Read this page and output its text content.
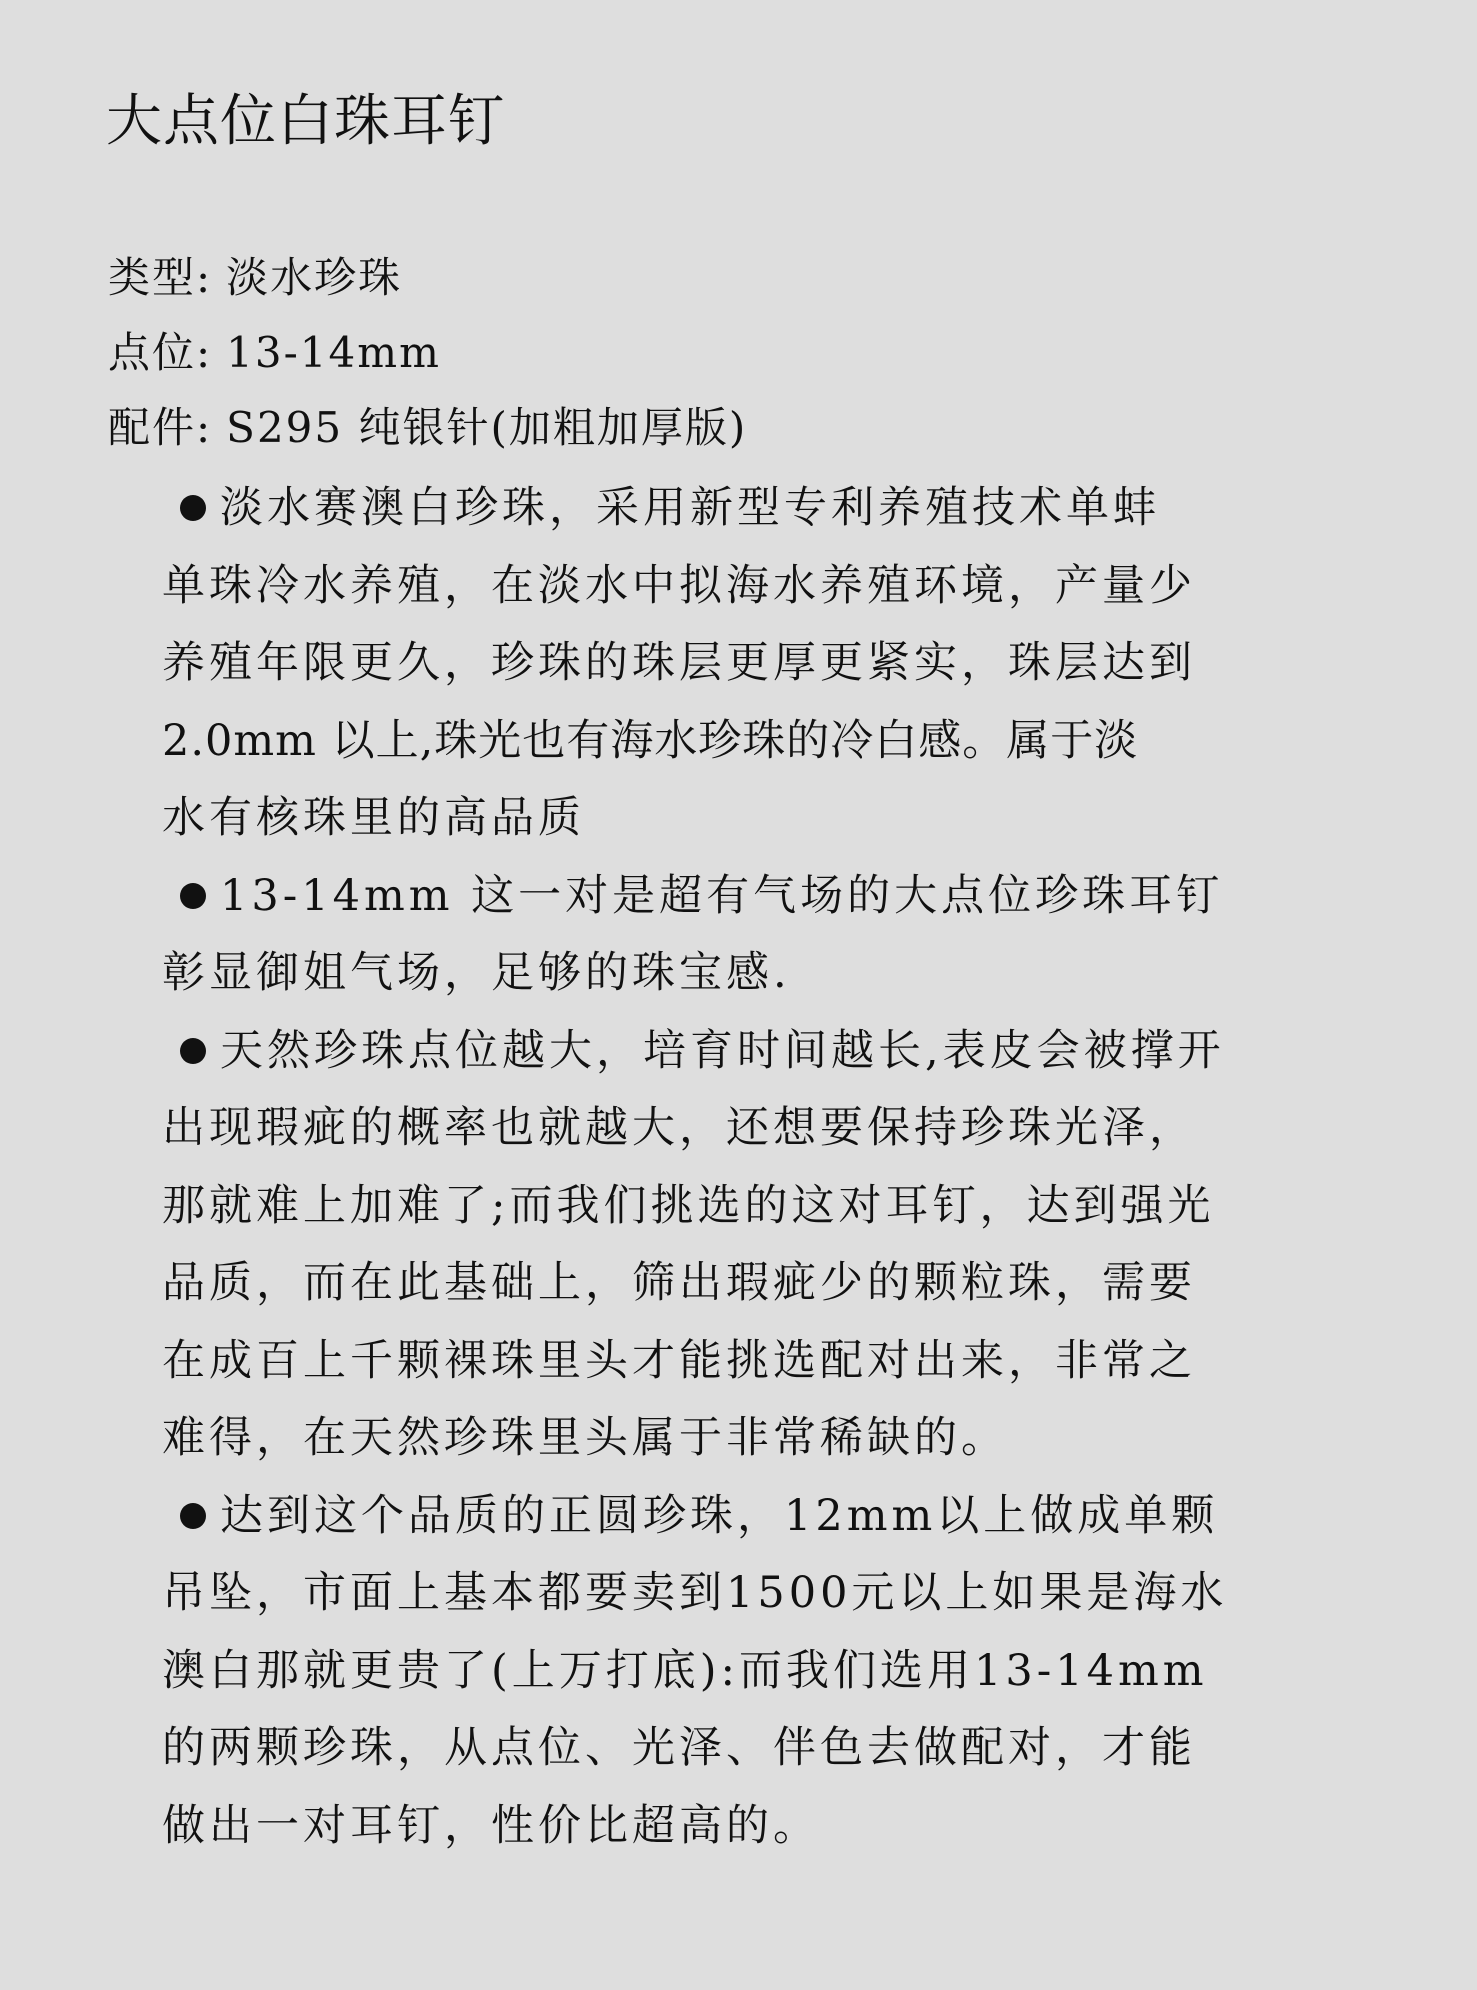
大点位白珠耳钉
类型: 淡水珍珠
点位: 13-14mm
配件: S295 纯银针(加粗加厚版)
淡水赛澳白珍珠，采用新型专利养殖技术单蚌
单珠冷水养殖，在淡水中拟海水养殖环境，产量少
养殖年限更久，珍珠的珠层更厚更紧实，珠层达到
2.0mm 以上,珠光也有海水珍珠的冷白感。属于淡
水有核珠里的高品质
13-14mm 这一对是超有气场的大点位珍珠耳钉
彰显御姐气场，足够的珠宝感.
天然珍珠点位越大，培育时间越长,表皮会被撑开
出现瑕疵的概率也就越大，还想要保持珍珠光泽，
那就难上加难了;而我们挑选的这对耳钉，达到强光
品质，而在此基础上，筛出瑕疵少的颗粒珠，需要
在成百上千颗裸珠里头才能挑选配对出来，非常之
难得，在天然珍珠里头属于非常稀缺的。
达到这个品质的正圆珍珠，12mm以上做成单颗
吊坠，市面上基本都要卖到1500元以上如果是海水
澳白那就更贵了(上万打底):而我们选用13-14mm
的两颗珍珠，从点位、光泽、伴色去做配对，才能
做出一对耳钉，性价比超高的。
